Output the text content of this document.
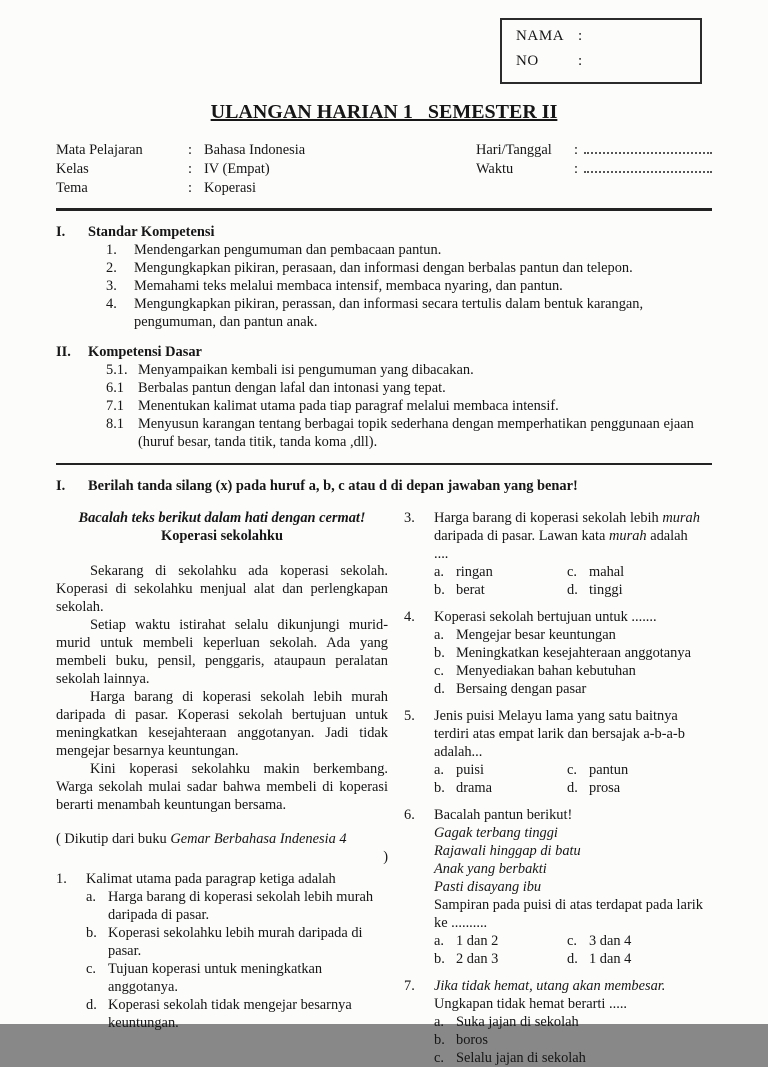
NAMA :
NO	:
ULANGAN HARIAN 1   SEMESTER II
Mata Pelajaran	: Bahasa Indonesia
Kelas	: IV (Empat)
Tema	: Koperasi
Hari/Tanggal	:
Waktu	:
I.	Standar Kompetensi
1.	Mendengarkan pengumuman dan pembacaan pantun.
2.	Mengungkapkan pikiran, perasaan, dan informasi dengan berbalas pantun dan telepon.
3.	Memahami teks melalui membaca intensif, membaca nyaring, dan pantun.
4.	Mengungkapkan pikiran, perassan, dan informasi secara tertulis dalam bentuk karangan, pengumuman, dan pantun anak.
II.	Kompetensi Dasar
5.1. Menyampaikan kembali isi pengumuman yang dibacakan.
6.1 Berbalas pantun dengan lafal dan intonasi yang tepat.
7.1 Menentukan kalimat utama pada tiap paragraf melalui membaca intensif.
8.1 Menyusun karangan tentang berbagai topik sederhana dengan memperhatikan penggunaan ejaan (huruf besar, tanda titik, tanda koma ,dll).
I.	Berilah tanda silang (x) pada huruf a, b, c atau d di depan jawaban yang benar!
Bacalah teks berikut dalam hati dengan cermat!
Koperasi sekolahku

Sekarang di sekolahku ada koperasi sekolah. Koperasi di sekolahku menjual alat dan perlengkapan sekolah.

Setiap waktu istirahat selalu dikunjungi murid-murid untuk membeli keperluan sekolah. Ada yang membeli buku, pensil, penggaris, ataupaun peralatan sekolah lainnya.

Harga barang di koperasi sekolah lebih murah daripada di pasar. Koperasi sekolah bertujuan untuk meningkatkan kesejahteraan anggotanyan. Jadi tidak mengejar besarnya keuntungan.

Kini koperasi sekolahku makin berkembang. Warga sekolah mulai sadar bahwa membeli di koperasi berarti menambah keuntungan bersama.

( Dikutip dari buku Gemar Berbahasa Indenesia 4
)
1.	Kalimat utama pada paragrap ketiga adalah
a. Harga barang di koperasi sekolah lebih murah daripada di pasar.
b. Koperasi sekolahku lebih murah daripada di pasar.
c. Tujuan koperasi untuk meningkatkan anggotanya.
d. Koperasi sekolah tidak mengejar besarnya keuntungan.
3.	Harga barang di koperasi sekolah lebih murah daripada di pasar. Lawan kata murah adalah
....
a. ringan	c. mahal
b. berat	d. tinggi
4.	Koperasi sekolah bertujuan untuk .......
a. Mengejar besar keuntungan
b. Meningkatkan kesejahteraan anggotanya
c. Menyediakan bahan kebutuhan
d. Bersaing dengan pasar
5.	Jenis puisi Melayu lama yang satu baitnya terdiri atas empat larik dan bersajak a-b-a-b adalah...
a. puisi	c. pantun
b. drama	d. prosa
6.	Bacalah pantun berikut!
Gagak terbang tinggi
Rajawali hinggap di batu
Anak yang berbakti
Pasti disayang ibu
Sampiran pada puisi di atas terdapat pada larik ke ..........
a. 1 dan 2	c. 3 dan 4
b. 2 dan 3	d. 1 dan 4
7.	Jika tidak hemat, utang akan membesar.
Ungkapan tidak hemat berarti .....
a. Suka jajan di sekolah
b. boros
c. Selalu jajan di sekolah
